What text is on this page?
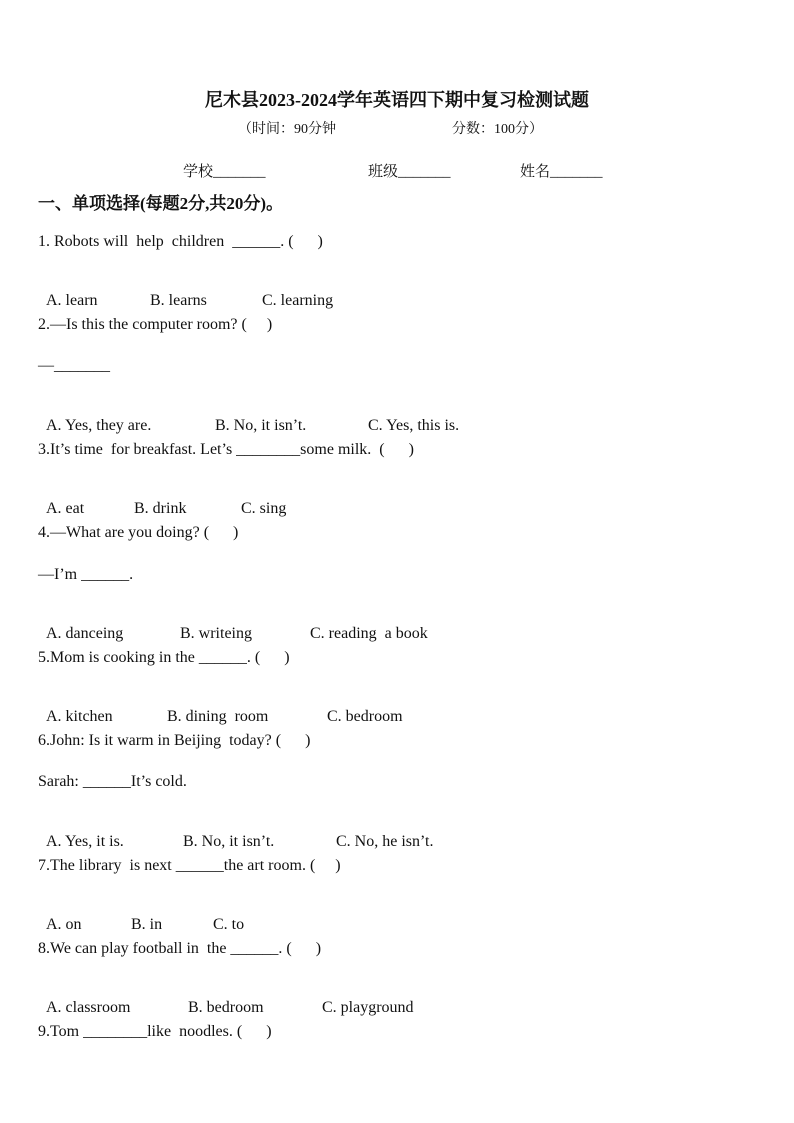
尼木县2023-2024学年英语四下期中复习检测试题
（时间：90分钟	分数：100分）
学校_______	班级_______	姓名_______
一、单项选择(每题2分,共20分)。
1. Robots will  help  children  ______. (      )

A. learn	B. learns	C. learning

2.—Is this the computer room? (     )
—_______

A. Yes, they are.	B. No, it isn’t.	C. Yes, this is.

3.It’s time  for breakfast. Let’s ________some milk.  (      )

A. eat	B. drink	C. sing

4.—What are you doing? (      )
—I’m ______.

A. danceing	B. writeing	C. reading  a book

5.Mom is cooking in the ______. (      )

A. kitchen	B. dining  room	C. bedroom

6.John: Is it warm in Beijing  today? (      )
Sarah: ______It’s cold.

A. Yes, it is.	B. No, it isn’t.	C. No, he isn’t.

7.The library  is next ______the art room. (     )

A. on	B. in	C. to

8.We can play football in  the ______. (      )

A. classroom	B. bedroom	C. playground

9.Tom ________like  noodles. (      )
